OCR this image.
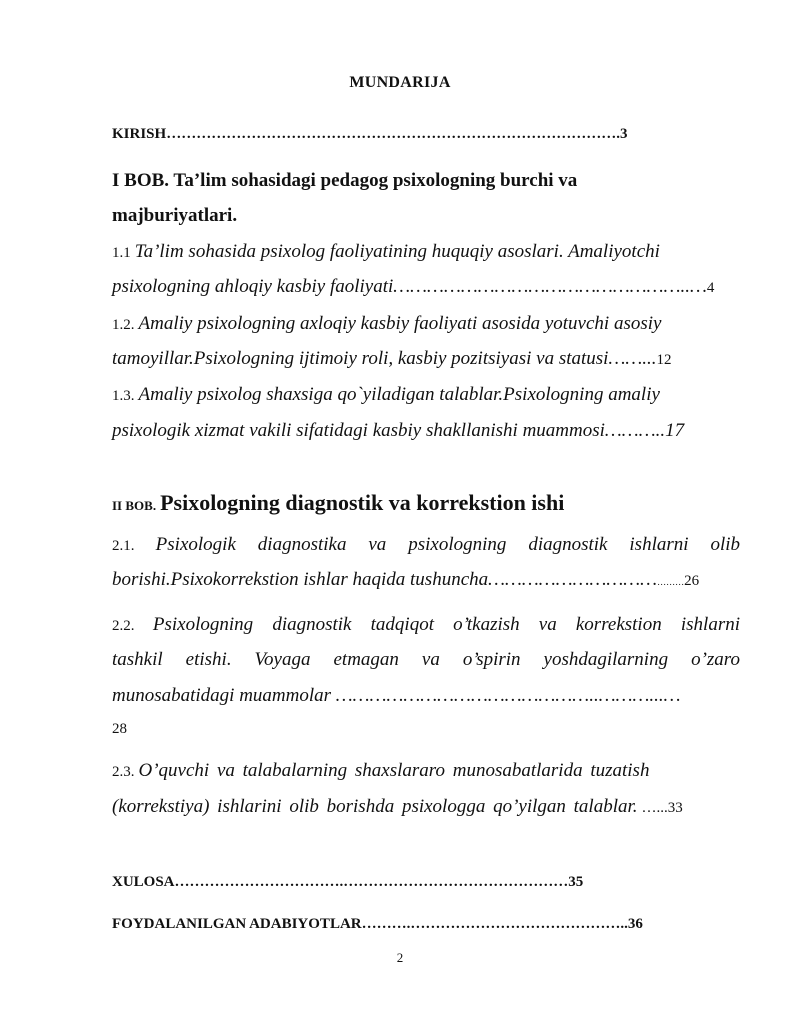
MUNDARIJA
KIRISH……………………………………………………………………………….3
I BOB. Ta’lim sohasidagi pedagog psixologning burchi va
majburiyatlari.
1.1 Ta’lim sohasida psixolog faoliyatining huquqiy asoslari. Amaliyotchi
psixologning ahloqiy kasbiy faoliyati……………………………………………..…4
1.2. Amaliy psixologning axloqiy kasbiy faoliyati asosida yotuvchi asosiy
tamoyillar.Psixologning ijtimoiy roli, kasbiy pozitsiyasi va statusi……...12
1.3. Amaliy psixolog shaxsiga qo`yiladigan talablar.Psixologning amaliy
psixologik xizmat vakili sifatidagi kasbiy shakllanishi muammosi………..17
II BOB. Psixologning diagnostik va korrekstion ishi
2.1. Psixologik diagnostika va psixologning diagnostik ishlarni olib
borishi.Psixokorrekstion ishlar haqida tushuncha…………………………………26
2.2. Psixologning diagnostik tadqiqot o’tkazish va korrekstion ishlarni
tashkil etishi. Voyaga etmagan va o’spirin yoshdagilarning o’zaro
munosabatidagi muammolar ………………………………………..………...…
28
2.3. O’quvchi va talabalarning shaxslararo munosabatlarida tuzatish
(korrekstiya) ishlarini olib borishda psixologga qo’yilgan talablar. …...33
XULOSA…………………………….………………………………………35
FOYDALANILGAN ADABIYOTLAR……….……………………………………..36
2
